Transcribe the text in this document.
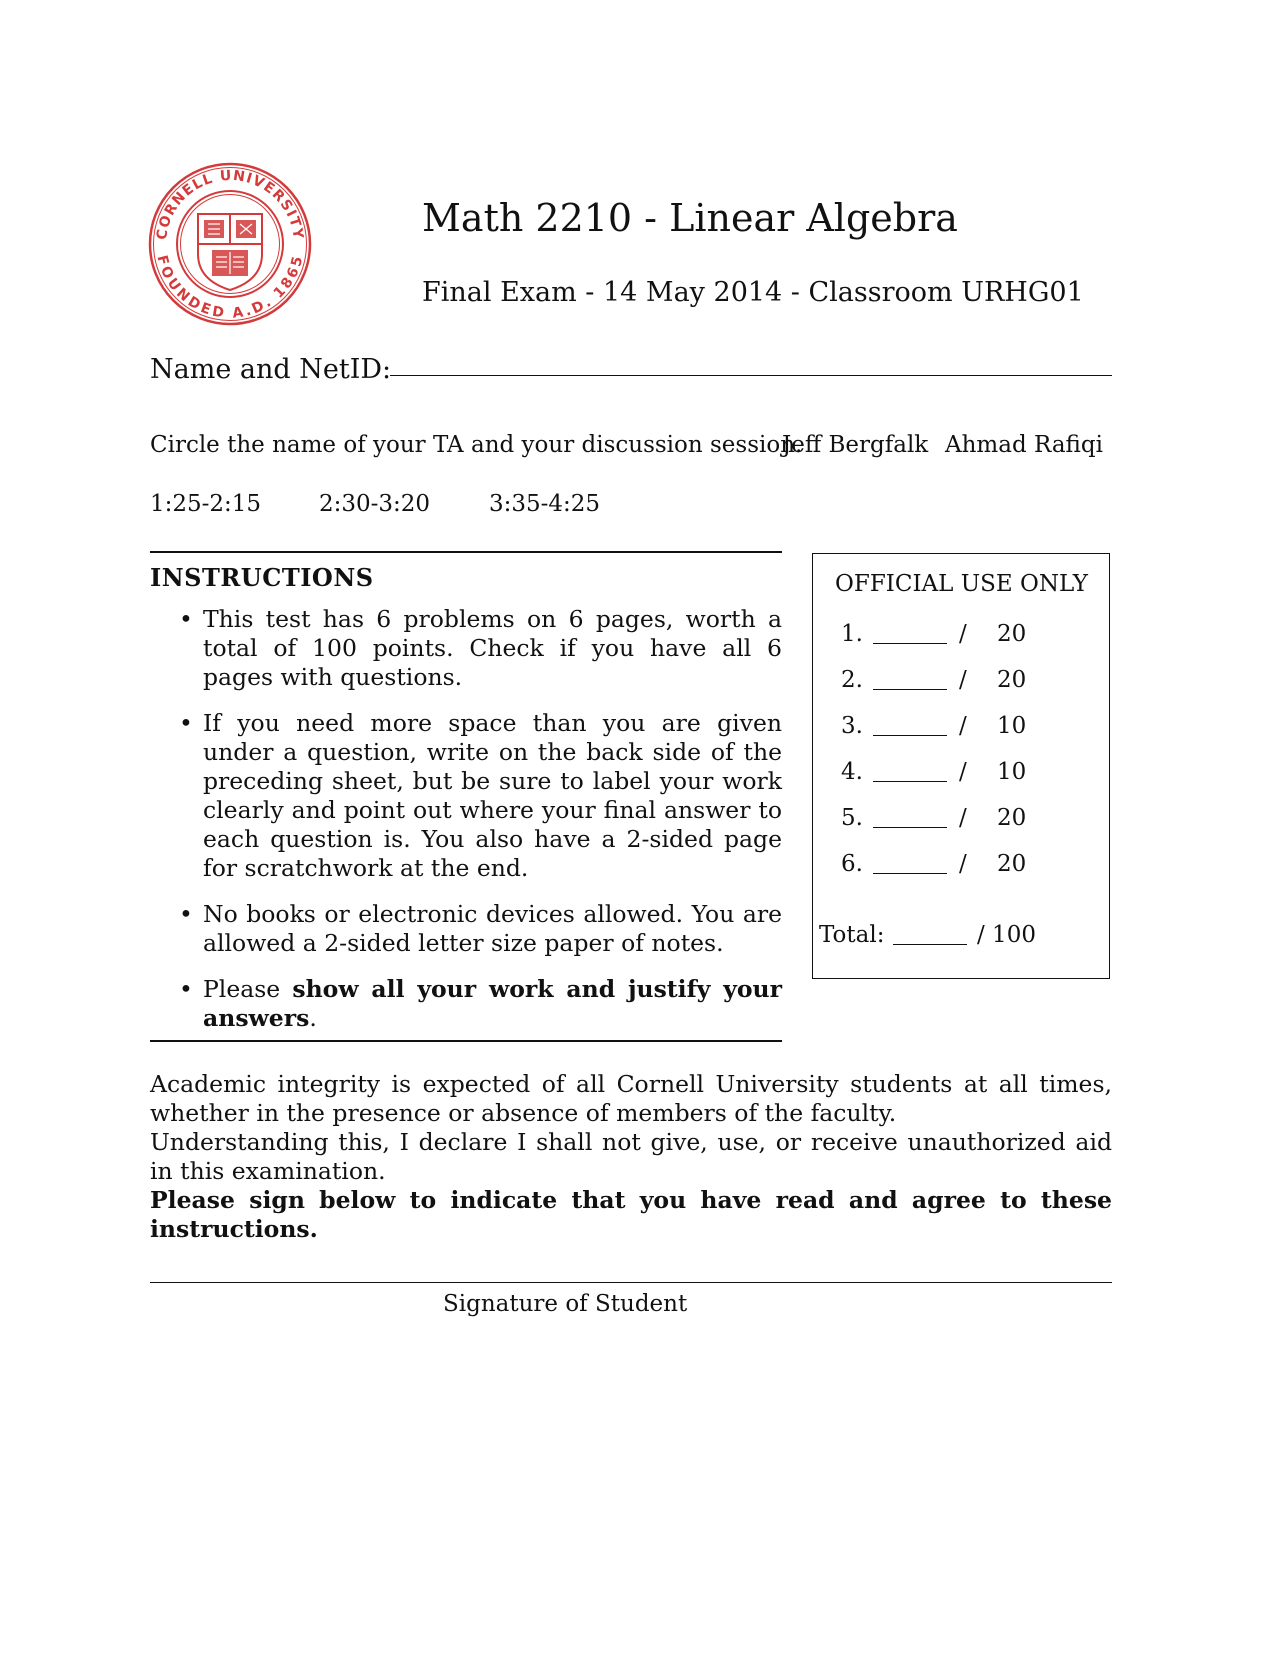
CORNELL UNIVERSITY
FOUNDED A.D. 1865
Math 2210 - Linear Algebra
Final Exam - 14 May 2014 - Classroom URHG01
Name and NetID:
Circle the name of your TA and your discussion session.
Jeff Bergfalk Ahmad Rafiqi
1:25-2:15	2:30-3:20	3:35-4:25
INSTRUCTIONS
• This test has 6 problems on 6 pages, worth a total of 100 points. Check if you have all 6 pages with questions.
• If you need more space than you are given under a question, write on the back side of the preceding sheet, but be sure to label your work clearly and point out where your final answer to each question is. You also have a 2-sided page for scratchwork at the end.
• No books or electronic devices allowed. You are allowed a 2-sided letter size paper of notes.
• Please show all your work and justify your answers.
OFFICIAL USE ONLY
1.	/ 20
2.	/ 20
3.	/ 10
4.	/ 10
5.	/ 20
6.	/ 20
Total:	/ 100

Academic integrity is expected of all Cornell University students at all times, whether in the presence or absence of members of the faculty.

Understanding this, I declare I shall not give, use, or receive unauthorized aid in this examination.

Please sign below to indicate that you have read and agree to these instructions.

Signature of Student
